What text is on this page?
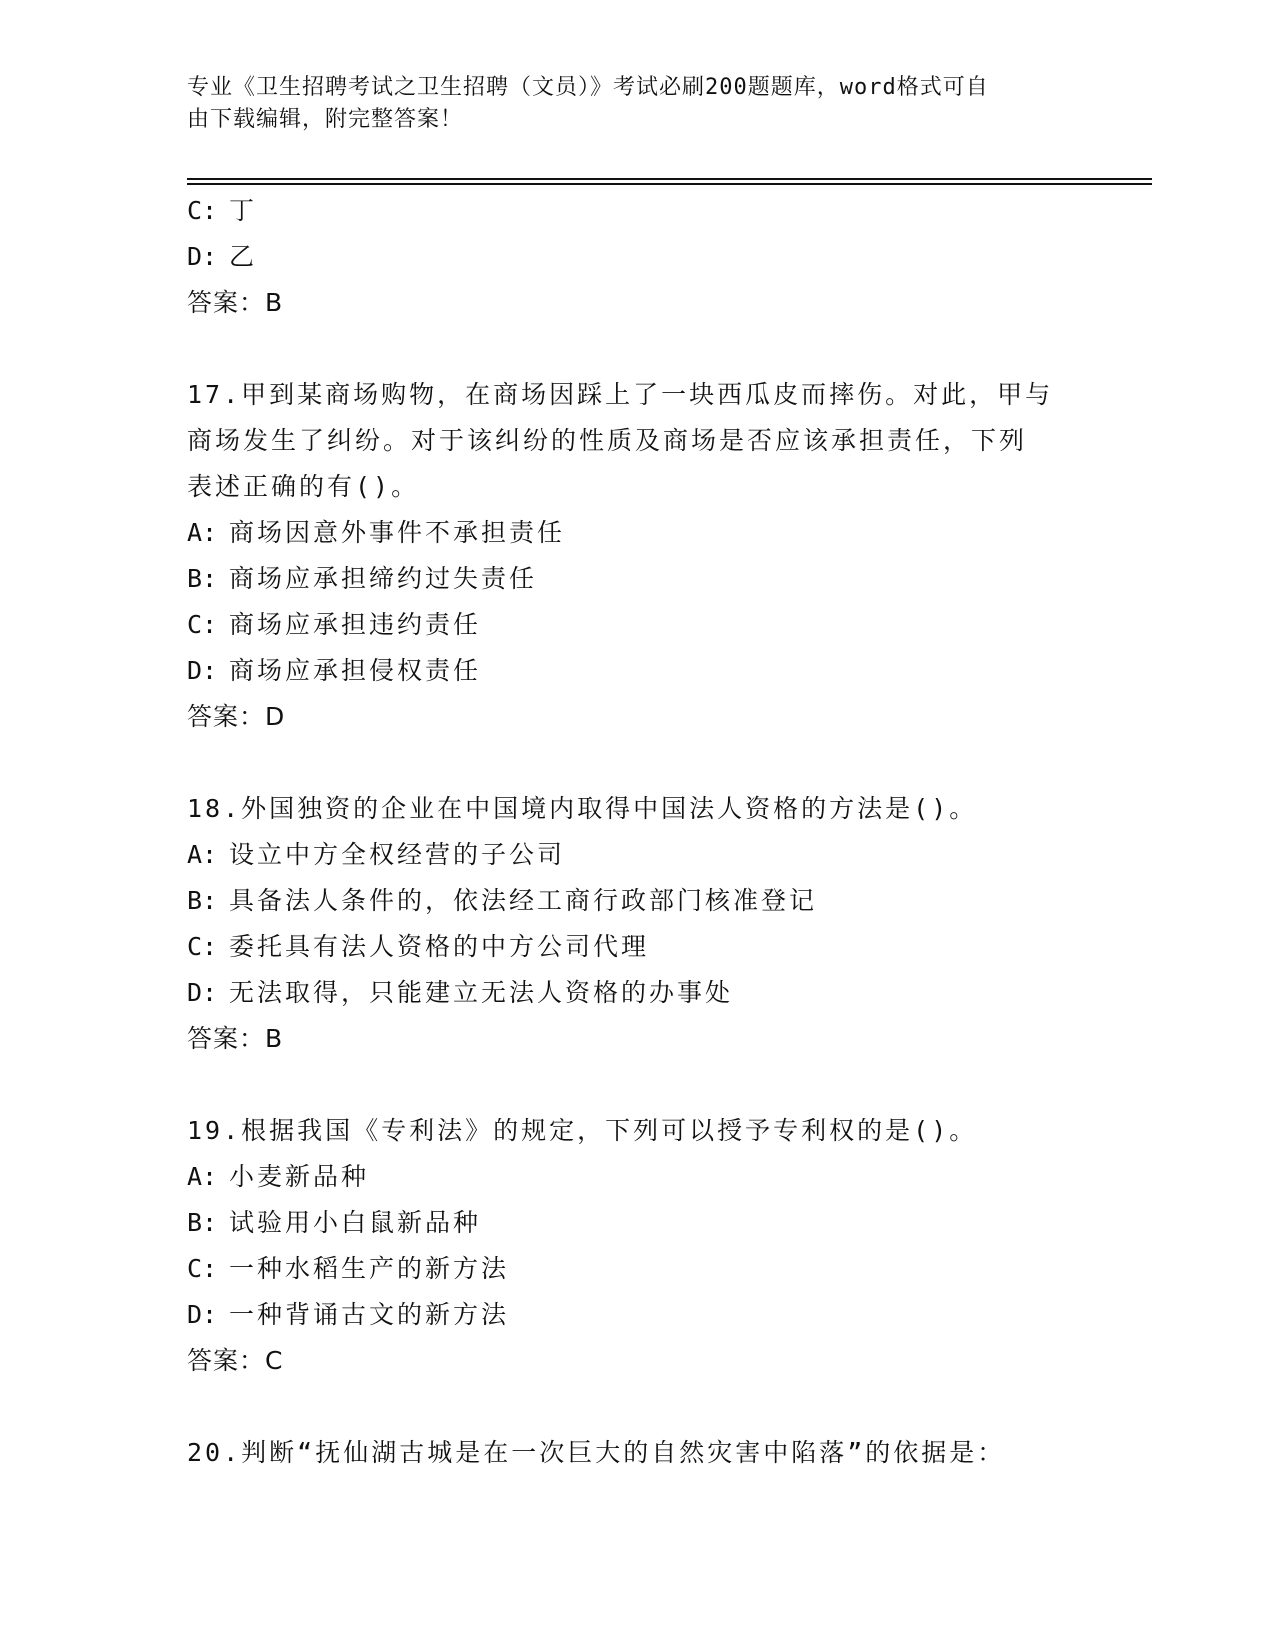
专业《卫生招聘考试之卫生招聘（文员）》考试必刷200题题库，word格式可自
由下载编辑，附完整答案！
C: 丁
D: 乙
答案：B
17.甲到某商场购物，在商场因踩上了一块西瓜皮而摔伤。对此，甲与
商场发生了纠纷。对于该纠纷的性质及商场是否应该承担责任，下列
表述正确的有()。
A: 商场因意外事件不承担责任
B: 商场应承担缔约过失责任
C: 商场应承担违约责任
D: 商场应承担侵权责任
答案：D
18.外国独资的企业在中国境内取得中国法人资格的方法是()。
A: 设立中方全权经营的子公司
B: 具备法人条件的，依法经工商行政部门核准登记
C: 委托具有法人资格的中方公司代理
D: 无法取得，只能建立无法人资格的办事处
答案：B
19.根据我国《专利法》的规定，下列可以授予专利权的是()。
A: 小麦新品种
B: 试验用小白鼠新品种
C: 一种水稻生产的新方法
D: 一种背诵古文的新方法
答案：C
20.判断“抚仙湖古城是在一次巨大的自然灾害中陷落”的依据是：
